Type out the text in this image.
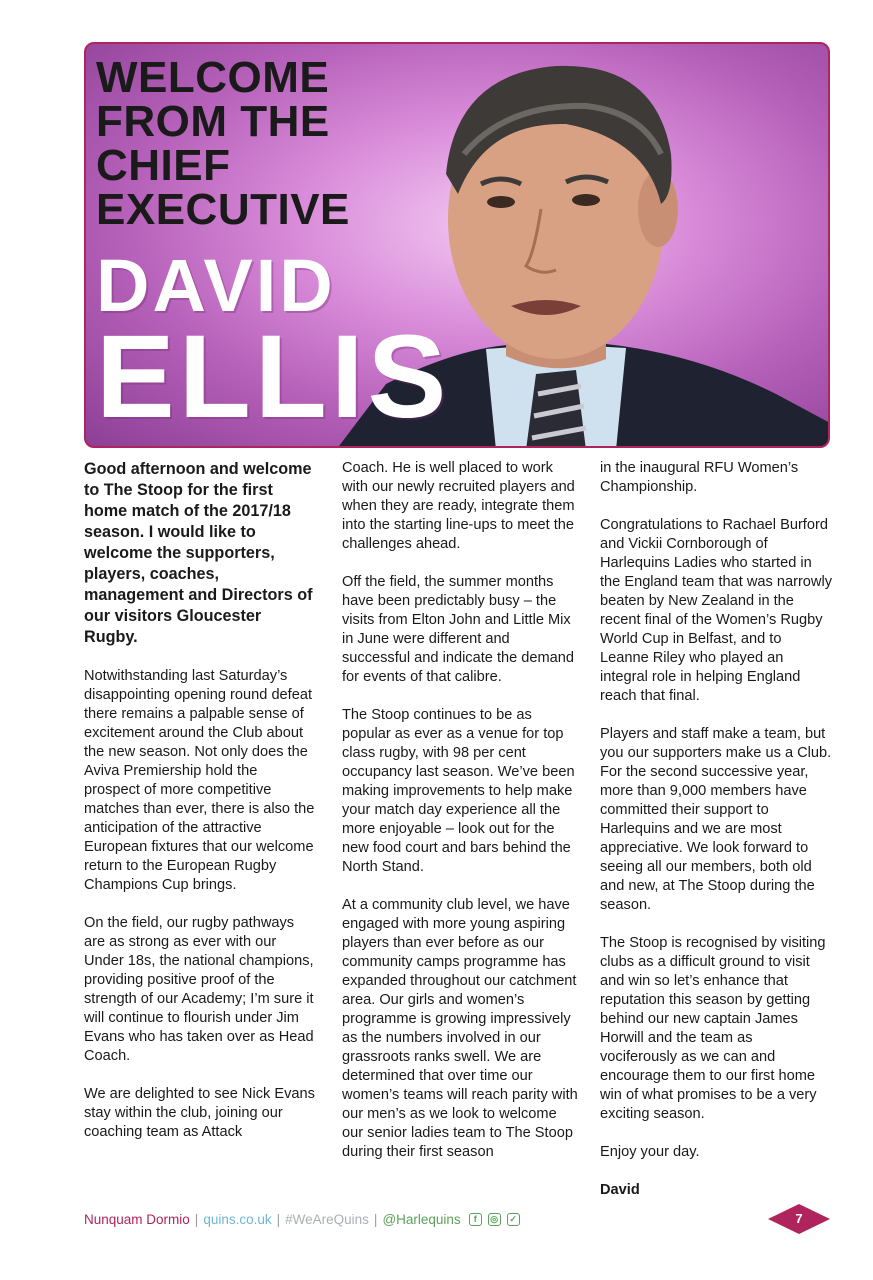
WELCOME
FROM THE
CHIEF
EXECUTIVE
DAVID
ELLIS

Good afternoon and welcome to The Stoop for the first home match of the 2017/18 season. I would like to welcome the supporters, players, coaches, management and Directors of our visitors Gloucester Rugby.

Notwithstanding last Saturday’s disappointing opening round defeat there remains a palpable sense of excitement around the Club about the new season. Not only does the Aviva Premiership hold the prospect of more competitive matches than ever, there is also the anticipation of the attractive European fixtures that our welcome return to the European Rugby Champions Cup brings.

On the field, our rugby pathways are as strong as ever with our Under 18s, the national champions, providing positive proof of the strength of our Academy; I’m sure it will continue to flourish under Jim Evans who has taken over as Head Coach.

We are delighted to see Nick Evans stay within the club, joining our coaching team as Attack

Coach. He is well placed to work with our newly recruited players and when they are ready, integrate them into the starting line-ups to meet the challenges ahead.

Off the field, the summer months have been predictably busy – the visits from Elton John and Little Mix in June were different and successful and indicate the demand for events of that calibre.

The Stoop continues to be as popular as ever as a venue for top class rugby, with 98 per cent occupancy last season. We’ve been making improvements to help make your match day experience all the more enjoyable – look out for the new food court and bars behind the North Stand.

At a community club level, we have engaged with more young aspiring players than ever before as our community camps programme has expanded throughout our catchment area. Our girls and women’s programme is growing impressively as the numbers involved in our grassroots ranks swell. We are determined that over time our women’s teams will reach parity with our men’s as we look to welcome our senior ladies team to The Stoop during their first season

in the inaugural RFU Women’s Championship.

Congratulations to Rachael Burford and Vickii Cornborough of Harlequins Ladies who started in the England team that was narrowly beaten by New Zealand in the recent final of the Women’s Rugby World Cup in Belfast, and to Leanne Riley who played an integral role in helping England reach that final.

Players and staff make a team, but you our supporters make us a Club. For the second successive year, more than 9,000 members have committed their support to Harlequins and we are most appreciative. We look forward to seeing all our members, both old and new, at The Stoop during the season.

The Stoop is recognised by visiting clubs as a difficult ground to visit and win so let’s enhance that reputation this season by getting behind our new captain James Horwill and the team as vociferously as we can and encourage them to our first home win of what promises to be a very exciting season.

Enjoy your day.

David

Nunquam Dormio | quins.co.uk | #WeAreQuins | @Harlequins	f	◎	✓	7
